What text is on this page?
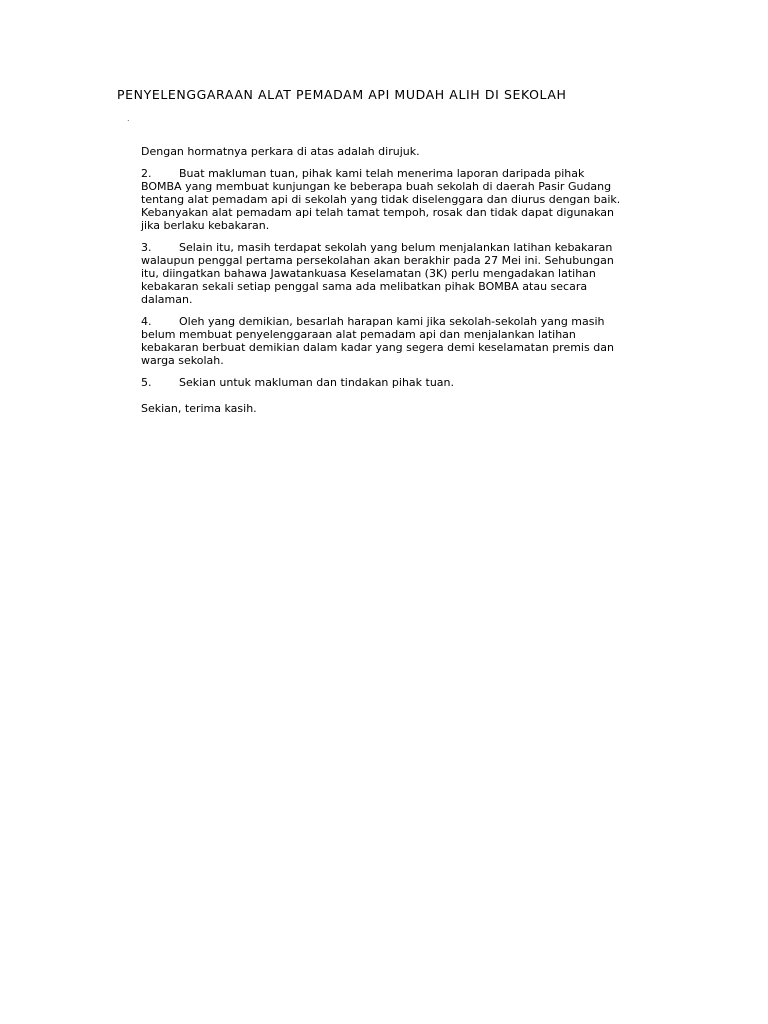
PENYELENGGARAAN ALAT PEMADAM API MUDAH ALIH DI SEKOLAH
.

Dengan hormatnya perkara di atas adalah dirujuk.

2.	Buat makluman tuan, pihak kami telah menerima laporan daripada pihak BOMBA yang membuat kunjungan ke beberapa buah sekolah di daerah Pasir Gudang tentang alat pemadam api di sekolah yang tidak diselenggara dan diurus dengan baik. Kebanyakan alat pemadam api telah tamat tempoh, rosak dan tidak dapat digunakan jika berlaku kebakaran.

3.	Selain itu, masih terdapat sekolah yang belum menjalankan latihan kebakaran walaupun penggal pertama persekolahan akan berakhir pada 27 Mei ini. Sehubungan itu, diingatkan bahawa Jawatankuasa Keselamatan (3K) perlu mengadakan latihan kebakaran sekali setiap penggal sama ada melibatkan pihak BOMBA atau secara dalaman.

4.	Oleh yang demikian, besarlah harapan kami jika sekolah-sekolah yang masih belum membuat penyelenggaraan alat pemadam api dan menjalankan latihan kebakaran berbuat demikian dalam kadar yang segera demi keselamatan premis dan warga sekolah.

5.	Sekian untuk makluman dan tindakan pihak tuan.

Sekian, terima kasih.
